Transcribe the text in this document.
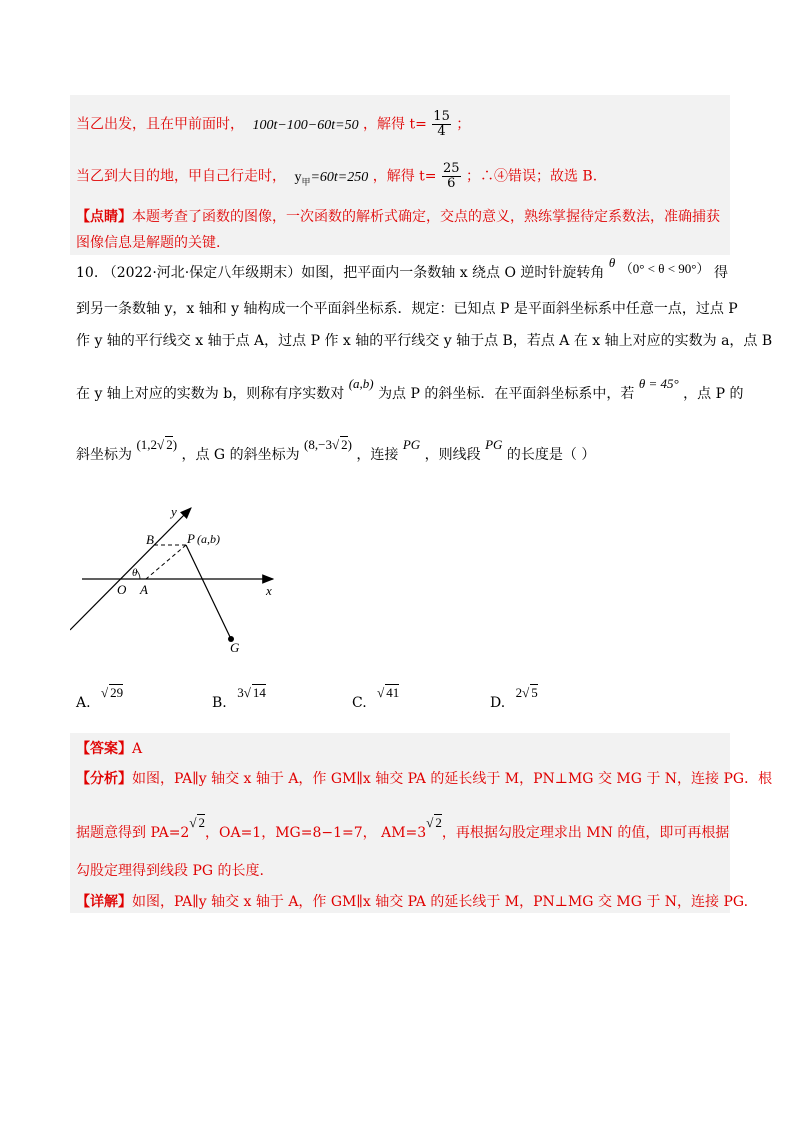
当乙出发，且在甲前面时， 100t−100−60t=50 ，解得 $t= \frac{15}{4}$ ；
当乙到大目的地，甲自己行走时， $y_甲=60t=250$ ，解得 $t= \frac{25}{6}$ ；∴④错误；故选 B.
【点睛】本题考查了函数的图像，一次函数的解析式确定，交点的意义，熟练掌握待定系数法，准确捕获
图像信息是解题的关键.
10. （2022·河北·保定八年级期末）如图，把平面内一条数轴 x 绕点 O 逆时针旋转角 θ （0° < θ < 90°） 得
到另一条数轴 y，x 轴和 y 轴构成一个平面斜坐标系．规定：已知点 P 是平面斜坐标系中任意一点，过点 P
作 y 轴的平行线交 x 轴于点 A，过点 P 作 x 轴的平行线交 y 轴于点 B，若点 A 在 x 轴上对应的实数为 a，点 B
在 y 轴上对应的实数为 b，则称有序实数对 (a,b) 为点 P 的斜坐标．在平面斜坐标系中，若 θ = 45° ，点 P 的
斜坐标为 (1,2√ 2) ，点 G 的斜坐标为 (8,−3√ 2) ，连接 PG ，则线段 PG 的长度是（ ）
y
B	P (a,b)
θ
O A	x
G
A. √ 29
B. 3√ 14
C. √ 41
D. 2√ 5
【答案】A
【分析】如图，PA∥y 轴交 x 轴于 A，作 GM∥x 轴交 PA 的延长线于 M，PN⊥MG 交 MG 于 N，连接 PG．根
据题意得到 PA=2√ 2，OA=1，MG=8−1=7， AM=3√ 2，再根据勾股定理求出 MN 的值，即可再根据
勾股定理得到线段 PG 的长度.
【详解】如图，PA∥y 轴交 x 轴于 A，作 GM∥x 轴交 PA 的延长线于 M，PN⊥MG 交 MG 于 N，连接 PG.
